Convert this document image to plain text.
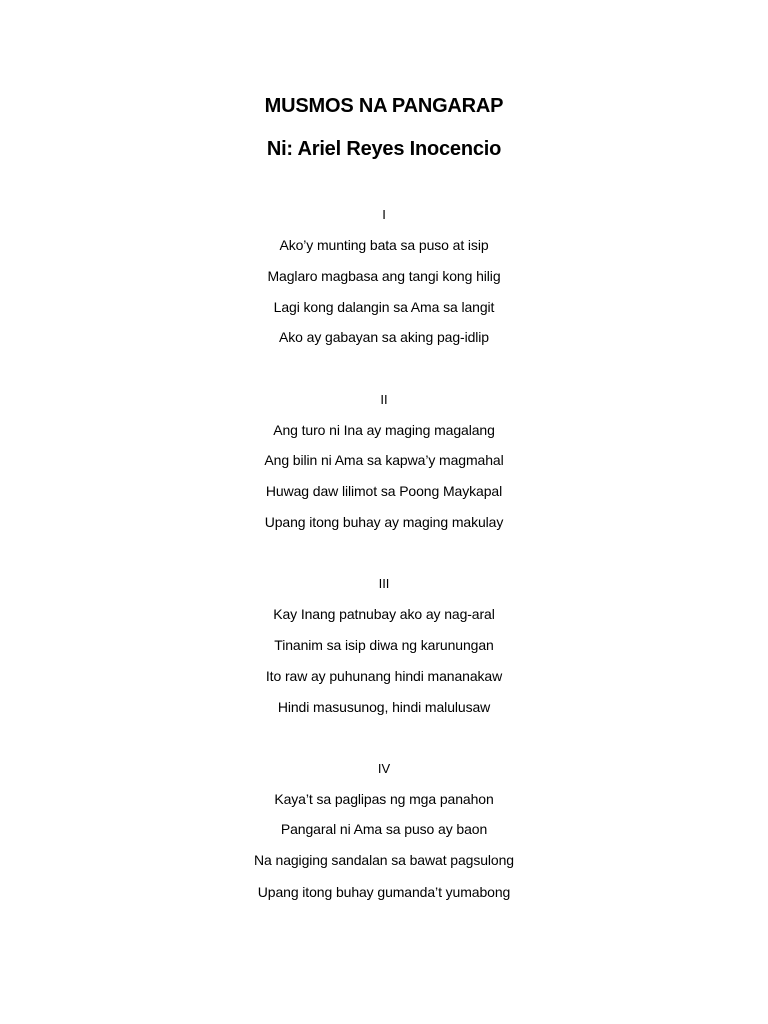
MUSMOS NA PANGARAP
Ni: Ariel Reyes Inocencio
I
Ako’y munting bata sa puso at isip
Maglaro magbasa ang tangi kong hilig
Lagi kong dalangin sa Ama sa langit
Ako ay gabayan sa aking pag-idlip
II
Ang turo ni Ina ay maging magalang
Ang bilin ni Ama sa kapwa’y magmahal
Huwag daw lilimot sa Poong Maykapal
Upang itong buhay ay maging makulay
III
Kay Inang patnubay ako ay nag-aral
Tinanim sa isip diwa ng karunungan
Ito raw ay puhunang hindi mananakaw
Hindi masusunog, hindi malulusaw
IV
Kaya’t sa paglipas ng mga panahon
Pangaral ni Ama sa puso ay baon
Na nagiging sandalan sa bawat pagsulong
Upang itong buhay gumanda’t yumabong
